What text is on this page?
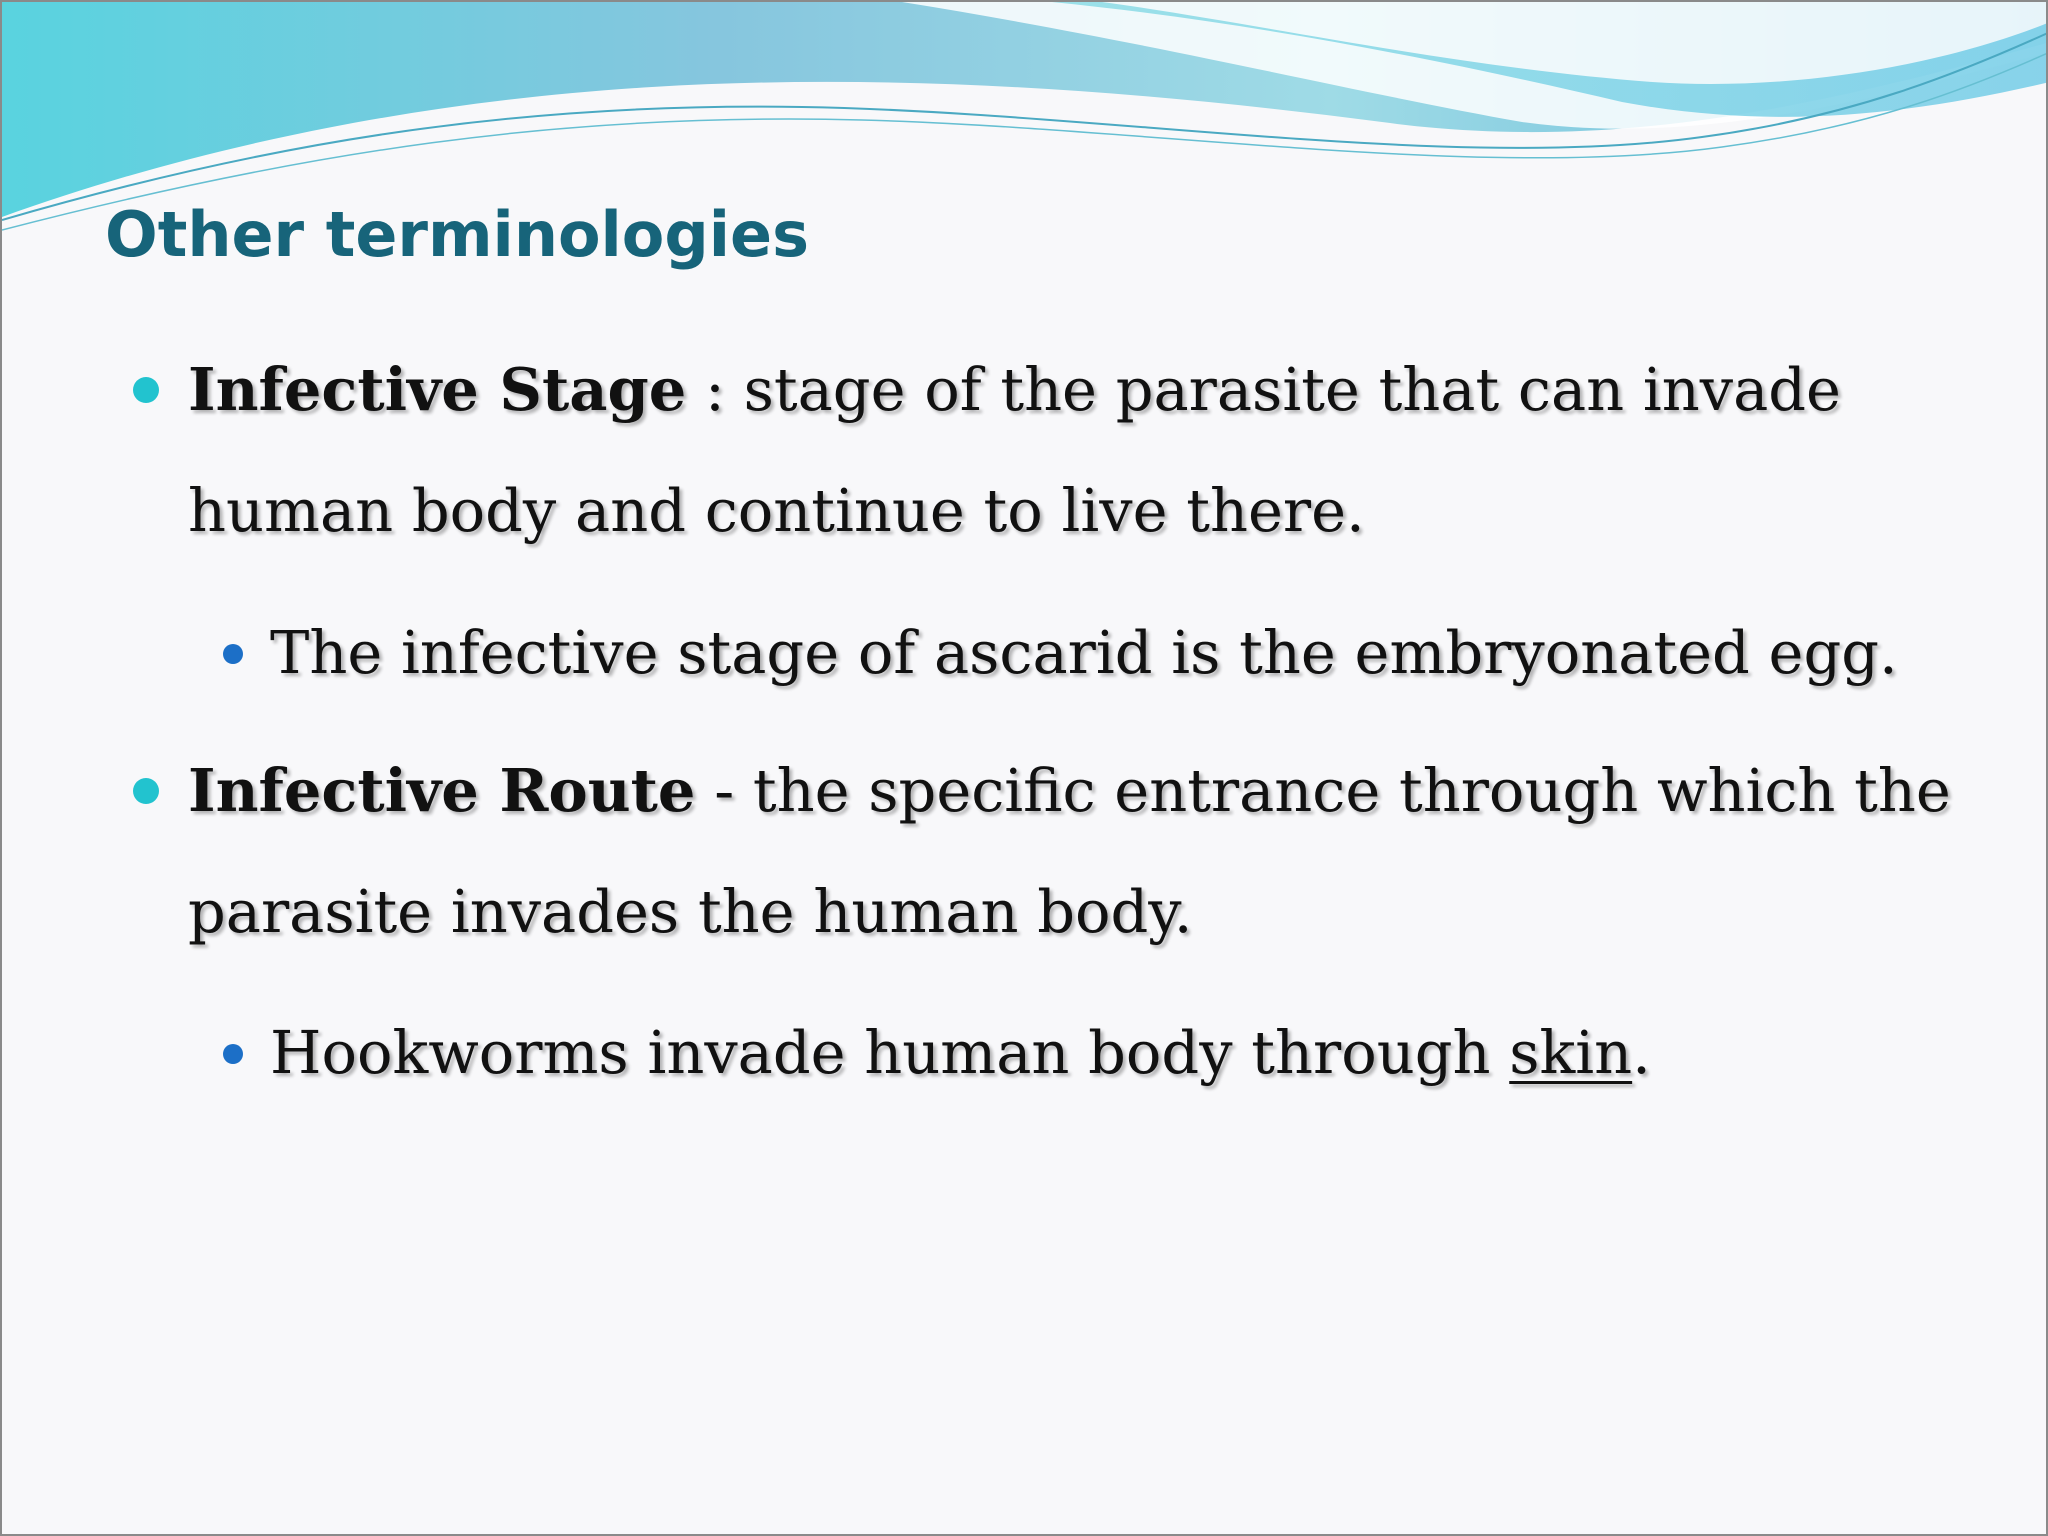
Other terminologies
Infective Stage : stage of the parasite that can invade human body and continue to live there.
The infective stage of ascarid is the embryonated egg.
Infective Route - the specific entrance through which the parasite invades the human body.
Hookworms invade human body through skin.
